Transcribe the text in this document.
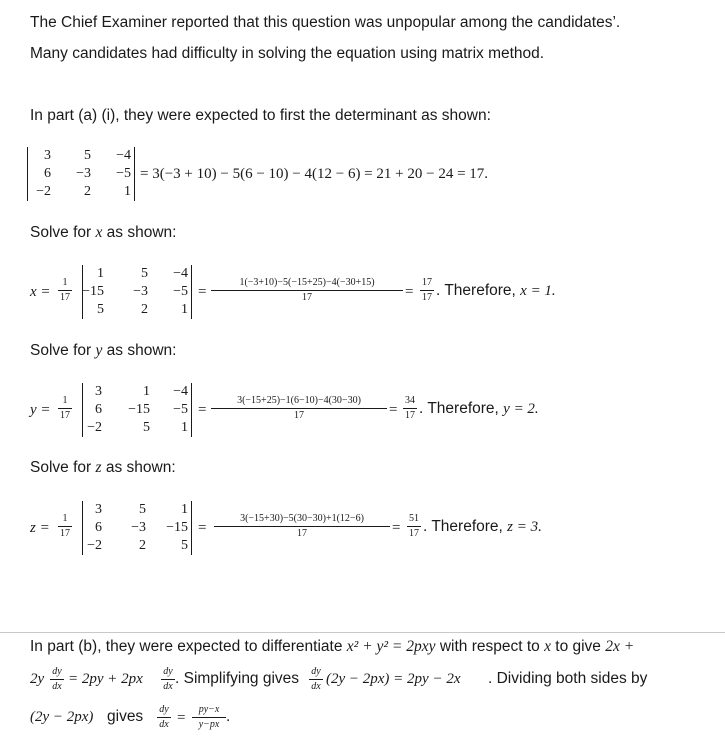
The Chief Examiner reported that this question was unpopular among the candidates’.
Many candidates had difficulty in solving the equation using matrix method.
In part (a) (i), they were expected to first the determinant as shown:
3	5	−4
6	−3	−5
−2	2	1
= 3(−3 + 10) − 5(6 − 10) − 4(12 − 6) = 21 + 20 − 24 = 17.
Solve for x as shown:
x =
1
17
1	5	−4
−15	−3	−5
5	2	1
=
1(−3+10)−5(−15+25)−4(−30+15)
17	=
17
17 . Therefore, x = 1.
Solve for y as shown:
y =
1
17
3	1	−4
6	−15	−5
−2	5	1
=
3(−15+25)−1(6−10)−4(30−30)
17	=
34
17 . Therefore, y = 2.
Solve for z as shown:
z =
1
17
3	5	1
6	−3	−15
−2	2	5
=
3(−15+30)−5(30−30)+1(12−6)
17	=
51
17 . Therefore, z = 3.
In part (b), they were expected to differentiate x² + y² = 2pxy with respect to x to give 2x +
2y dy
dx = 2py + 2px dy
dx . Simplifying gives dy
dx (2y − 2px) = 2py − 2x . Dividing both sides by
(2y − 2px) gives dy
dx =
py−x
y−px .
